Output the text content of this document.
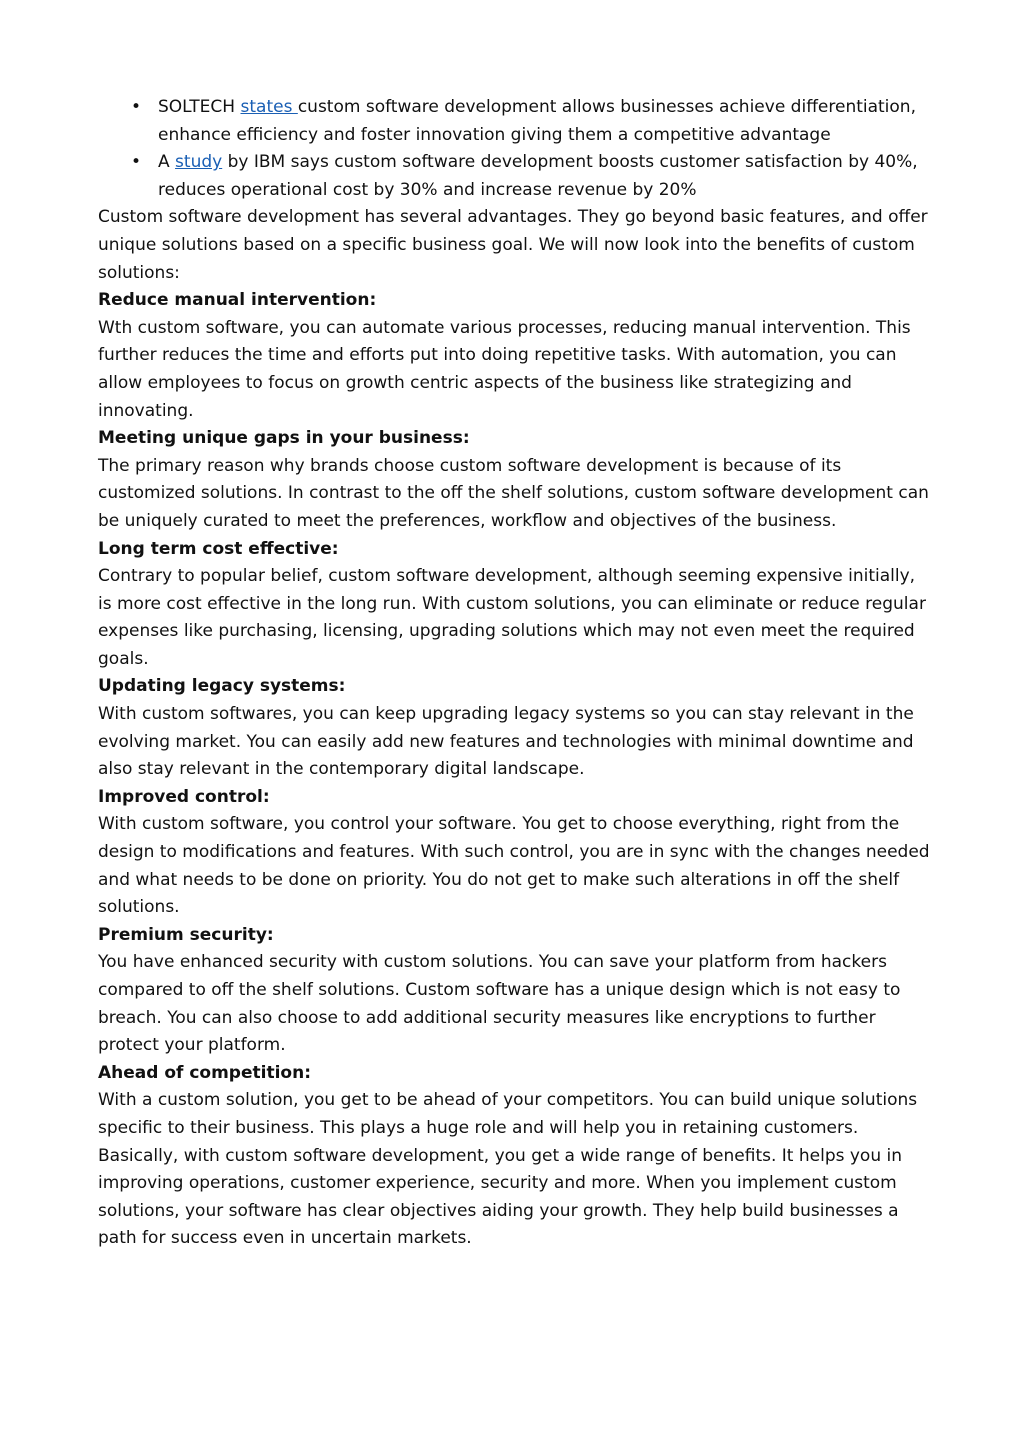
• SOLTECH states custom software development allows businesses achieve differentiation, enhance efficiency and foster innovation giving them a competitive advantage
• A study by IBM says custom software development boosts customer satisfaction by 40%, reduces operational cost by 30% and increase revenue by 20%

Custom software development has several advantages. They go beyond basic features, and offer unique solutions based on a specific business goal. We will now look into the benefits of custom solutions:

Reduce manual intervention:

Wth custom software, you can automate various processes, reducing manual intervention. This further reduces the time and efforts put into doing repetitive tasks. With automation, you can allow employees to focus on growth centric aspects of the business like strategizing and innovating.

Meeting unique gaps in your business:

The primary reason why brands choose custom software development is because of its customized solutions. In contrast to the off the shelf solutions, custom software development can be uniquely curated to meet the preferences, workflow and objectives of the business.

Long term cost effective:

Contrary to popular belief, custom software development, although seeming expensive initially, is more cost effective in the long run. With custom solutions, you can eliminate or reduce regular

expenses like purchasing, licensing, upgrading solutions which may not even meet the required goals.

Updating legacy systems:

With custom softwares, you can keep upgrading legacy systems so you can stay relevant in the evolving market. You can easily add new features and technologies with minimal downtime and also stay relevant in the contemporary digital landscape.

Improved control:

With custom software, you control your software. You get to choose everything, right from the design to modifications and features. With such control, you are in sync with the changes needed and what needs to be done on priority. You do not get to make such alterations in off the shelf solutions.

Premium security:

You have enhanced security with custom solutions. You can save your platform from hackers compared to off the shelf solutions. Custom software has a unique design which is not easy to breach. You can also choose to add additional security measures like encryptions to further protect your platform.

Ahead of competition:

With a custom solution, you get to be ahead of your competitors. You can build unique solutions specific to their business. This plays a huge role and will help you in retaining customers.

Basically, with custom software development, you get a wide range of benefits. It helps you in improving operations, customer experience, security and more. When you implement custom solutions, your software has clear objectives aiding your growth. They help build businesses a path for success even in uncertain markets.
